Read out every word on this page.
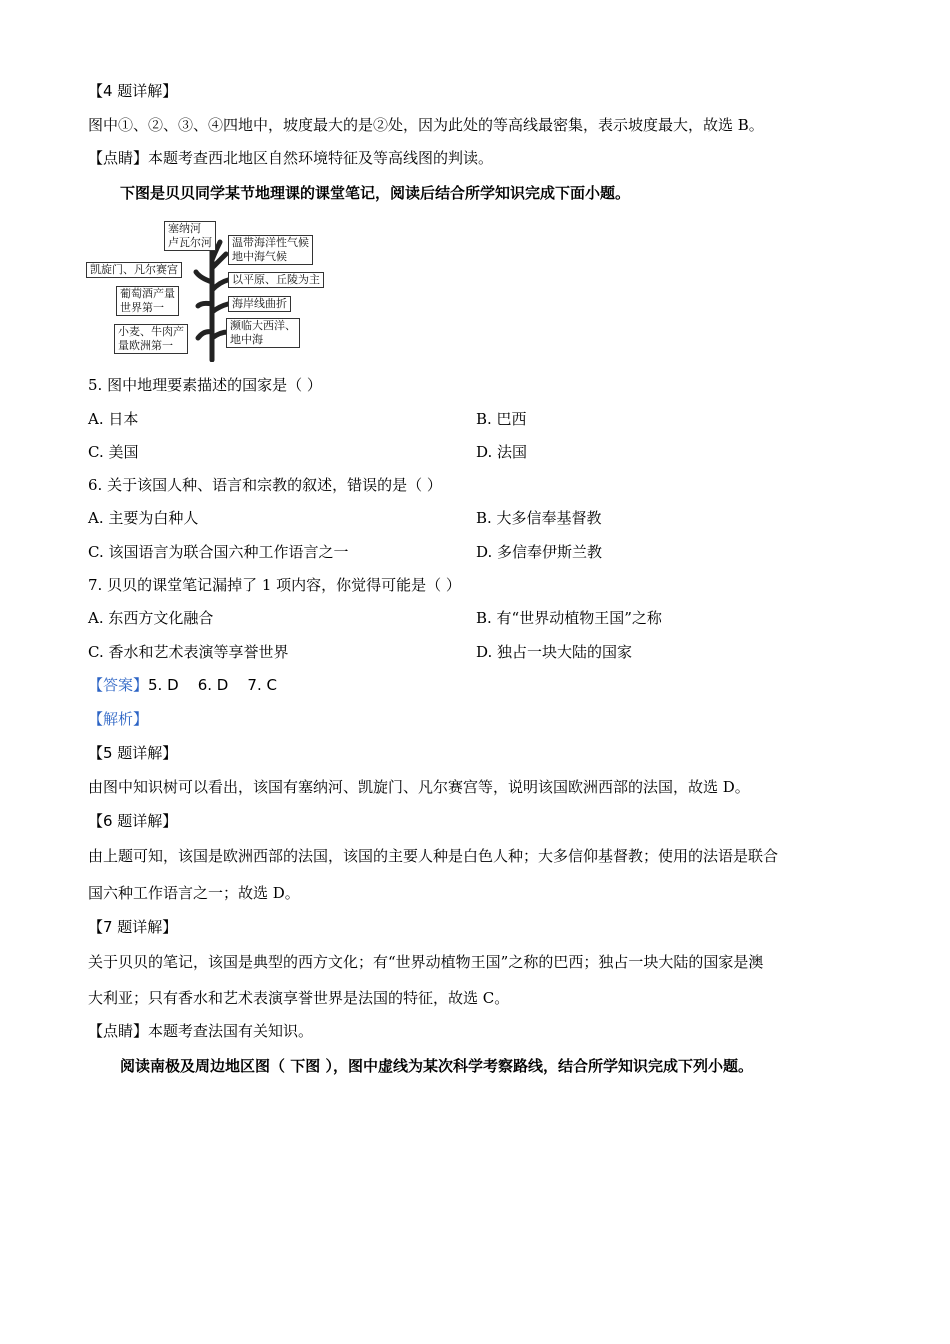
【4 题详解】
图中①、②、③、④四地中，坡度最大的是②处，因为此处的等高线最密集，表示坡度最大，故选 B。
【点睛】本题考查西北地区自然环境特征及等高线图的判读。
下图是贝贝同学某节地理课的课堂笔记，阅读后结合所学知识完成下面小题。
塞纳河
卢瓦尔河 温带海洋性气候
地中海气候
凯旋门、凡尔赛宫
以平原、丘陵为主
葡萄酒产量
世界第一	海岸线曲折
小麦、牛肉产
量欧洲第一
濒临大西洋、
地中海
5. 图中地理要素描述的国家是（ ）
A. 日本	B. 巴西
C. 美国	D. 法国
6. 关于该国人种、语言和宗教的叙述，错误的是（ ）
A. 主要为白种人	B. 大多信奉基督教
C. 该国语言为联合国六种工作语言之一	D. 多信奉伊斯兰教
7. 贝贝的课堂笔记漏掉了 1 项内容，你觉得可能是（ ）
A. 东西方文化融合	B. 有“世界动植物王国”之称
C. 香水和艺术表演等享誉世界	D. 独占一块大陆的国家
【答案】5. D    6. D    7. C
【解析】
【5 题详解】
由图中知识树可以看出，该国有塞纳河、凯旋门、凡尔赛宫等，说明该国欧洲西部的法国，故选 D。
【6 题详解】
由上题可知，该国是欧洲西部的法国，该国的主要人种是白色人种；大多信仰基督教；使用的法语是联合
国六种工作语言之一；故选 D。
【7 题详解】
关于贝贝的笔记，该国是典型的西方文化；有“世界动植物王国”之称的巴西；独占一块大陆的国家是澳
大利亚；只有香水和艺术表演享誉世界是法国的特征，故选 C。
【点睛】本题考查法国有关知识。
阅读南极及周边地区图（ 下图 ），图中虚线为某次科学考察路线，结合所学知识完成下列小题。
